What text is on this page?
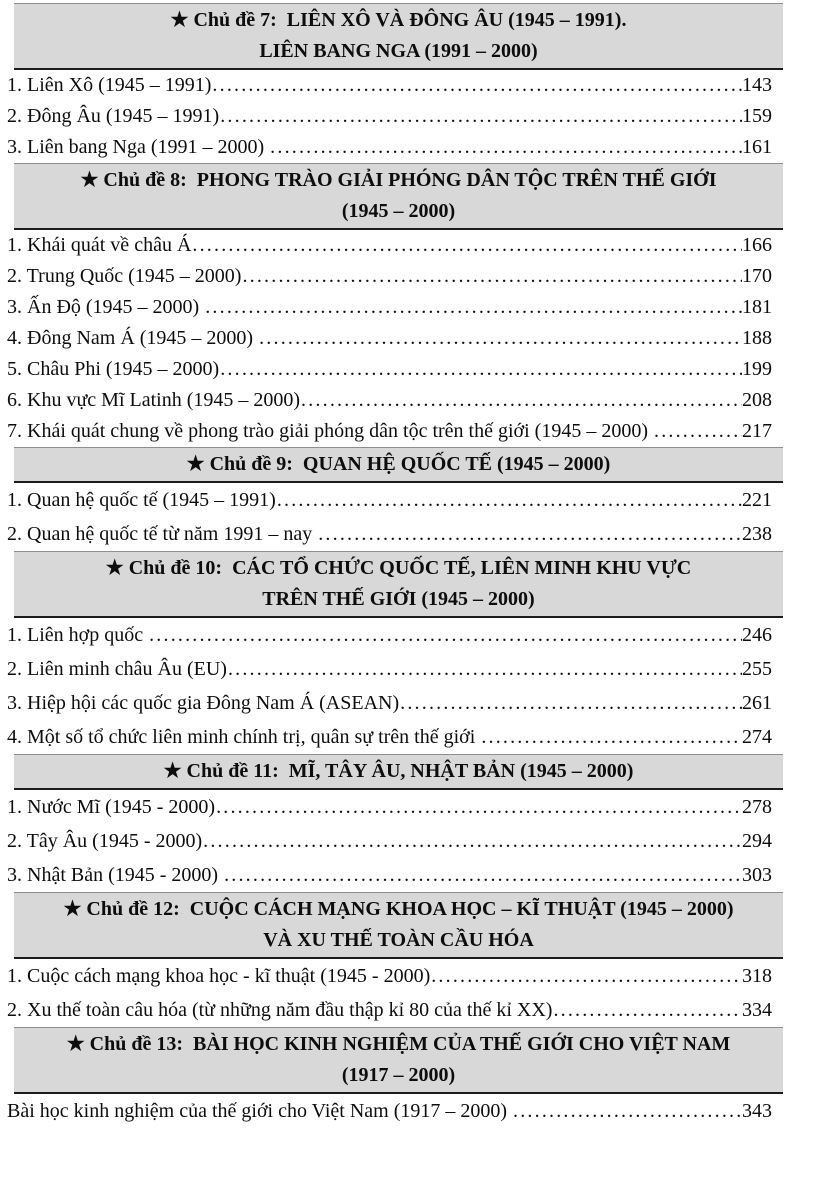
★ Chủ đề 7:  LIÊN XÔ VÀ ĐÔNG ÂU (1945 – 1991).
LIÊN BANG NGA (1991 – 2000)
1. Liên Xô (1945 – 1991) .....	143
2. Đông Âu (1945 – 1991) .....	159
3. Liên bang Nga (1991 – 2000) .....	161
★ Chủ đề 8:  PHONG TRÀO GIẢI PHÓNG DÂN TỘC TRÊN THẾ GIỚI
(1945 – 2000)
1. Khái quát về châu Á .....	166
2. Trung Quốc (1945 – 2000) .....	170
3. Ấn Độ (1945 – 2000) .....	181
4. Đông Nam Á (1945 – 2000) .....	188
5. Châu Phi (1945 – 2000) .....	199
6. Khu vực Mĩ Latinh (1945 – 2000) .....	208
7. Khái quát chung về phong trào giải phóng dân tộc trên thế giới (1945 – 2000) .....	217
★ Chủ đề 9:  QUAN HỆ QUỐC TẾ (1945 – 2000)
1. Quan hệ quốc tế (1945 – 1991) .....	221
2. Quan hệ quốc tế từ năm 1991 – nay .....	238
★ Chủ đề 10:  CÁC TỔ CHỨC QUỐC TẾ, LIÊN MINH KHU VỰC
TRÊN THẾ GIỚI (1945 – 2000)
1. Liên hợp quốc .....	246
2. Liên minh châu Âu (EU) .....	255
3. Hiệp hội các quốc gia Đông Nam Á (ASEAN) .....	261
4. Một số tổ chức liên minh chính trị, quân sự trên thế giới .....	274
★ Chủ đề 11:  MĨ, TÂY ÂU, NHẬT BẢN (1945 – 2000)
1. Nước Mĩ (1945 - 2000) .....	278
2. Tây Âu (1945 - 2000) .....	294
3. Nhật Bản (1945 - 2000) .....	303
★ Chủ đề 12:  CUỘC CÁCH MẠNG KHOA HỌC – KĨ THUẬT (1945 – 2000)
VÀ XU THẾ TOÀN CẦU HÓA
1. Cuộc cách mạng khoa học - kĩ thuật (1945 - 2000) .....	318
2. Xu thế toàn câu hóa (từ những năm đầu thập kỉ 80 của thế kỉ XX) .....	334
★ Chủ đề 13:  BÀI HỌC KINH NGHIỆM CỦA THẾ GIỚI CHO VIỆT NAM
(1917 – 2000)
Bài học kinh nghiệm của thế giới cho Việt Nam (1917 – 2000) .....	343
